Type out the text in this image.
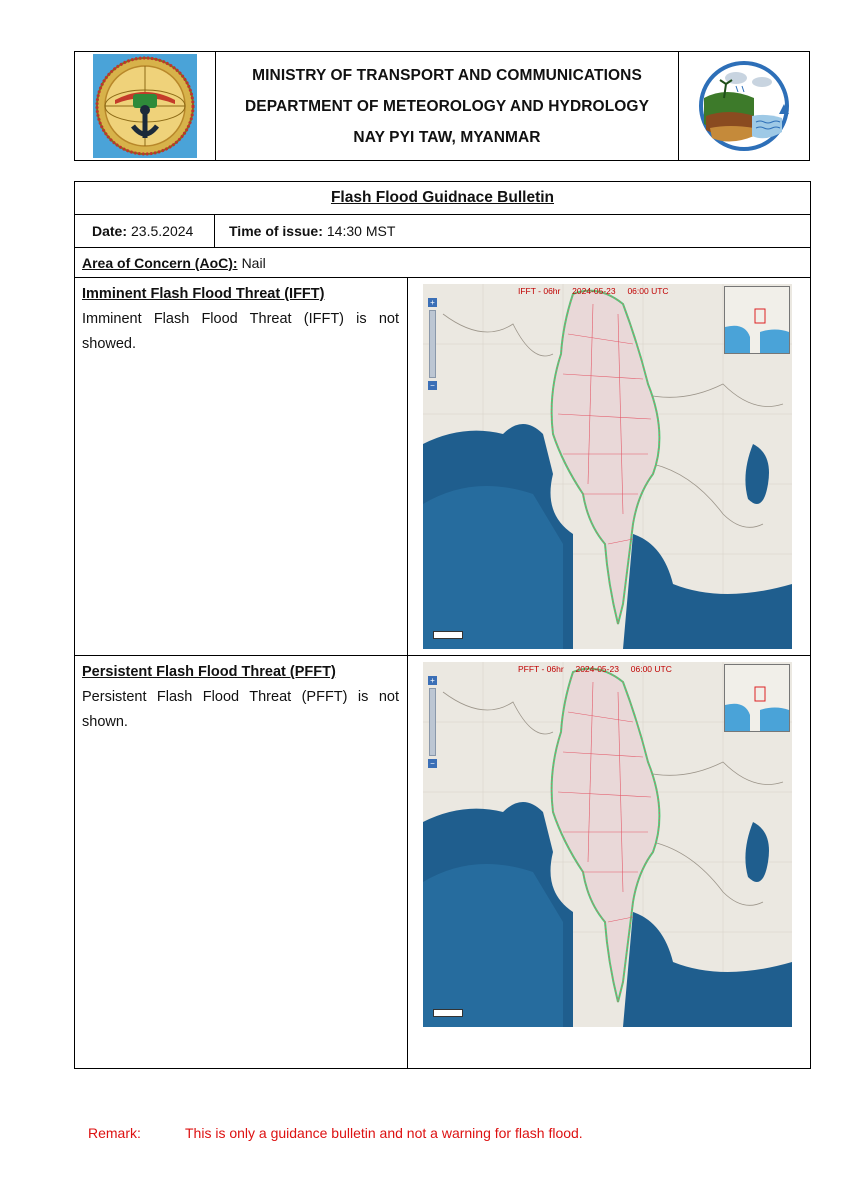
MINISTRY OF TRANSPORT AND COMMUNICATIONS
DEPARTMENT OF METEOROLOGY AND HYDROLOGY
NAY PYI TAW, MYANMAR
Flash Flood Guidnace Bulletin
Date: 23.5.2024	Time of issue: 14:30 MST
Area of Concern (AoC): Nail
Imminent Flash Flood Threat (IFFT)
Imminent Flash Flood Threat (IFFT) is not showed.
IFFT - 06hr     2024-05-23     06:00 UTC
+
−
Persistent Flash Flood Threat (PFFT)
Persistent Flash Flood Threat (PFFT) is not shown.
PFFT - 06hr     2024-05-23     06:00 UTC
+
−
Remark:	This is only a guidance bulletin and not a warning for flash flood.
